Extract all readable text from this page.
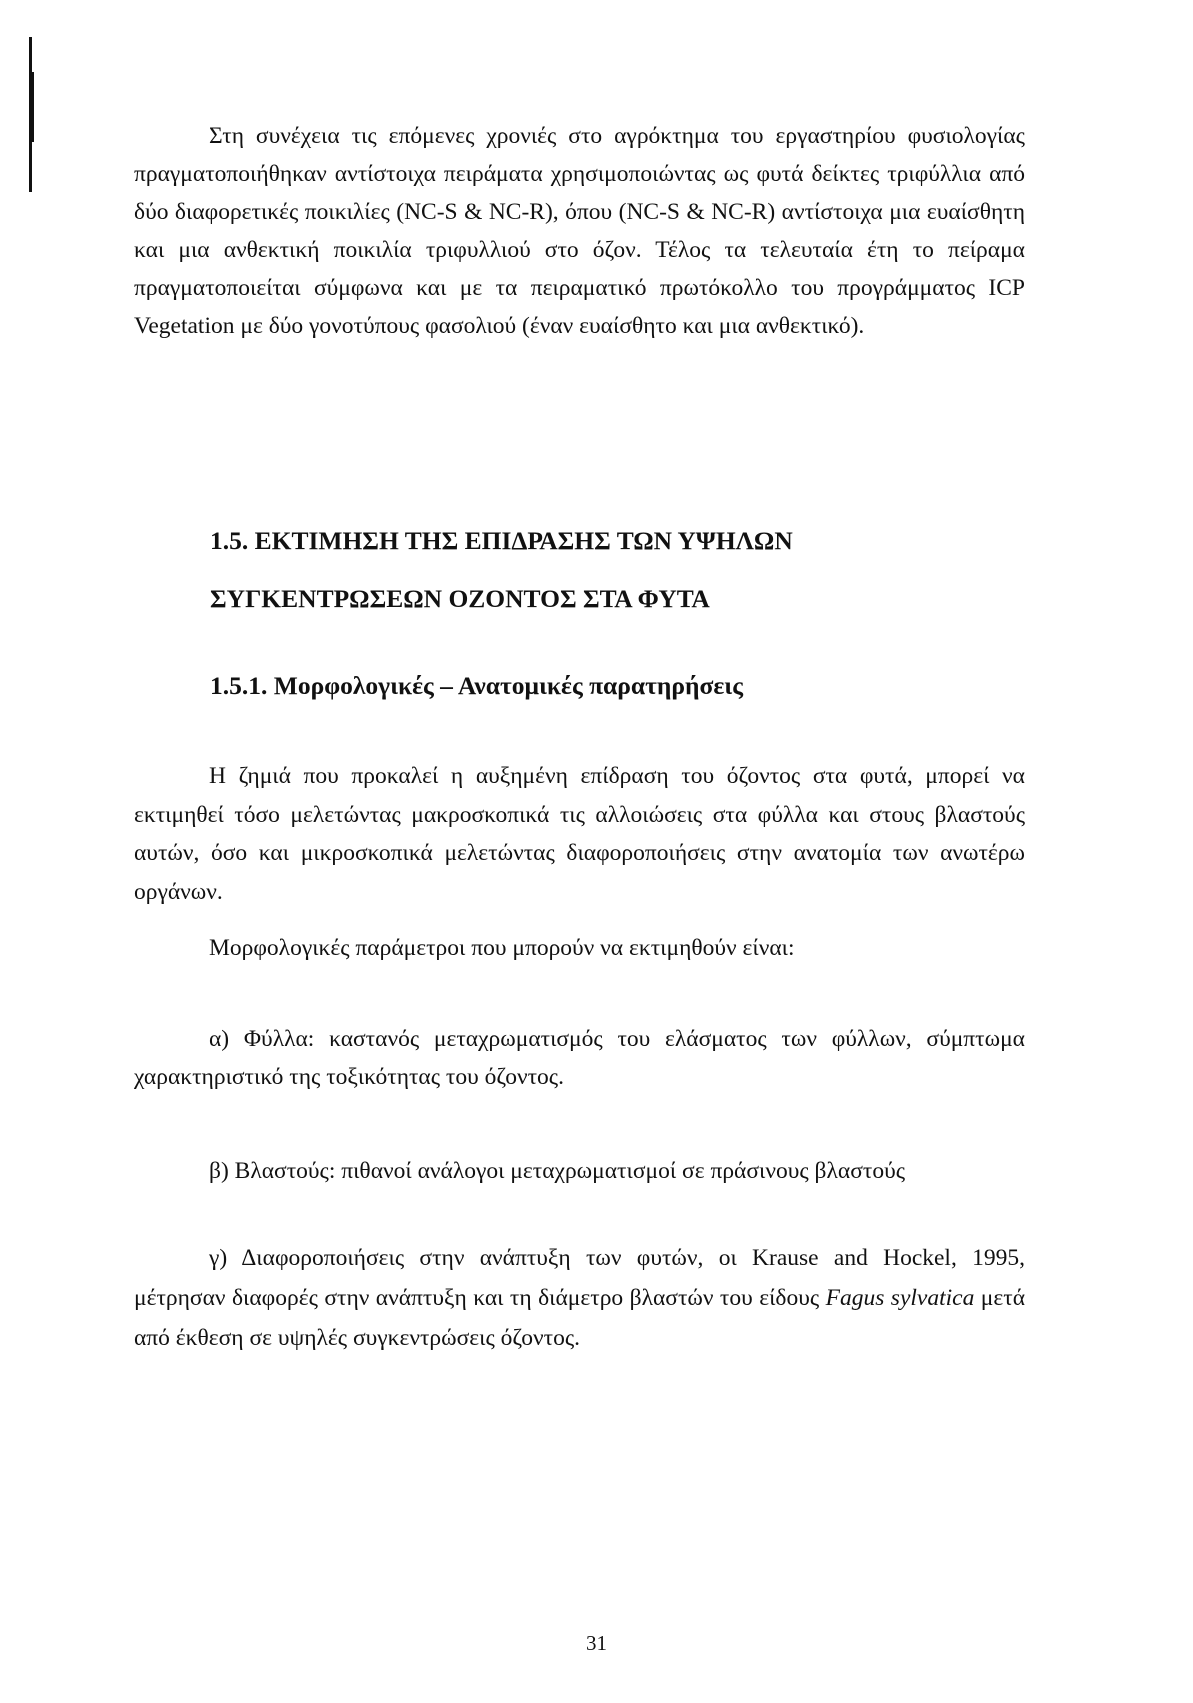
Στη συνέχεια τις επόμενες χρονιές στο αγρόκτημα του εργαστηρίου φυσιολογίας πραγματοποιήθηκαν αντίστοιχα πειράματα χρησιμοποιώντας ως φυτά δείκτες τριφύλλια από δύο διαφορετικές ποικιλίες (NC-S & NC-R), όπου (NC-S & NC-R) αντίστοιχα μια ευαίσθητη και μια ανθεκτική ποικιλία τριφυλλιού στο όζον. Τέλος τα τελευταία έτη το πείραμα πραγματοποιείται σύμφωνα και με τα πειραματικό πρωτόκολλο του προγράμματος ICP Vegetation με δύο γονοτύπους φασολιού (έναν ευαίσθητο και μια ανθεκτικό).

1.5. ΕΚΤΙΜΗΣΗ ΤΗΣ ΕΠΙΔΡΑΣΗΣ ΤΩΝ ΥΨΗΛΩΝ ΣΥΓΚΕΝΤΡΩΣΕΩΝ ΟΖΟΝΤΟΣ ΣΤΑ ΦΥΤΑ
1.5.1. Μορφολογικές – Ανατομικές παρατηρήσεις

Η ζημιά που προκαλεί η αυξημένη επίδραση του όζοντος στα φυτά, μπορεί να εκτιμηθεί τόσο μελετώντας μακροσκοπικά τις αλλοιώσεις στα φύλλα και στους βλαστούς αυτών, όσο και μικροσκοπικά μελετώντας διαφοροποιήσεις στην ανατομία των ανωτέρω οργάνων.

Μορφολογικές παράμετροι που μπορούν να εκτιμηθούν είναι:

α) Φύλλα: καστανός μεταχρωματισμός του ελάσματος των φύλλων, σύμπτωμα χαρακτηριστικό της τοξικότητας του όζοντος.

β) Βλαστούς: πιθανοί ανάλογοι μεταχρωματισμοί σε πράσινους βλαστούς

γ) Διαφοροποιήσεις στην ανάπτυξη των φυτών, οι Krause and Hockel, 1995, μέτρησαν διαφορές στην ανάπτυξη και τη διάμετρο βλαστών του είδους Fagus sylvatica μετά από έκθεση σε υψηλές συγκεντρώσεις όζοντος.

31
